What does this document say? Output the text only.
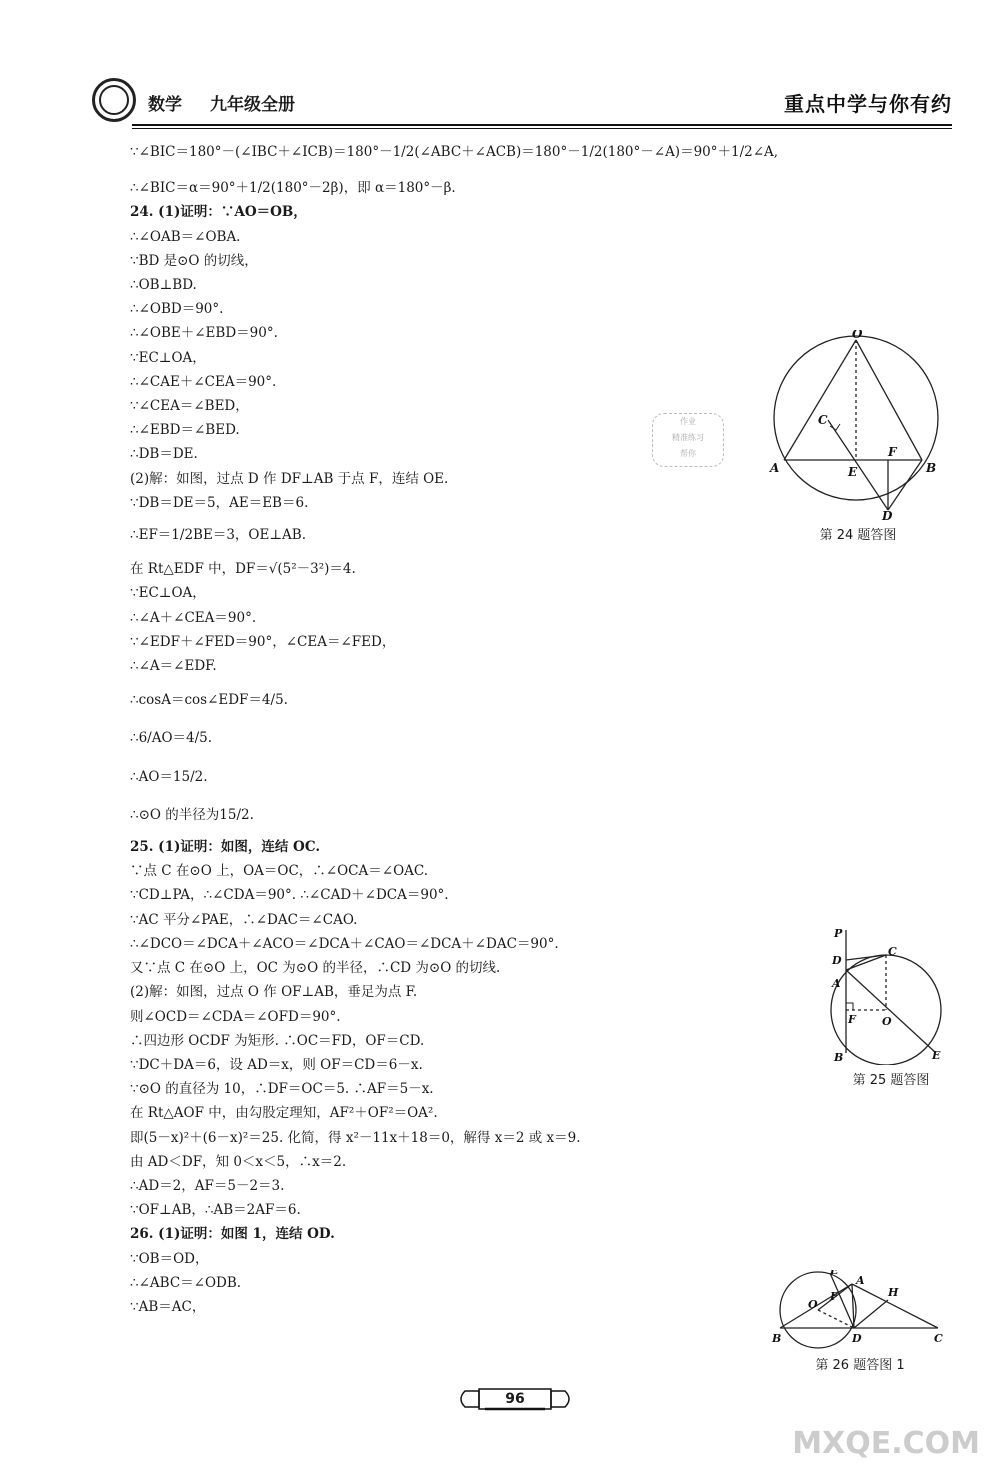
数学 九年级全册	重点中学与你有约
∵∠BIC＝180°－(∠IBC＋∠ICB)＝180°－1/2(∠ABC＋∠ACB)＝180°－1/2(180°－∠A)＝90°＋1/2∠A,
∴∠BIC＝α＝90°＋1/2(180°－2β)，即 α＝180°－β.
24. (1)证明：∵AO＝OB，
∴∠OAB＝∠OBA.
∵BD 是⊙O 的切线，
∴OB⊥BD.
∴∠OBD＝90°.
∴∠OBE＋∠EBD＝90°.
∵EC⊥OA，
∴∠CAE＋∠CEA＝90°.
∵∠CEA＝∠BED，
∴∠EBD＝∠BED.
∴DB＝DE.
(2)解：如图，过点 D 作 DF⊥AB 于点 F，连结 OE.
∵DB＝DE＝5，AE＝EB＝6.
∴EF＝1/2BE＝3，OE⊥AB.
在 Rt△EDF 中，DF＝√(5²－3²)＝4.
∵EC⊥OA，
∴∠A＋∠CEA＝90°.
∵∠EDF＋∠FED＝90°，∠CEA＝∠FED，
∴∠A＝∠EDF.
∴cosA＝cos∠EDF＝4/5.
∴6/AO＝4/5.
∴AO＝15/2.
∴⊙O 的半径为15/2.
25. (1)证明：如图，连结 OC.
∵点 C 在⊙O 上，OA＝OC，∴∠OCA＝∠OAC.
∵CD⊥PA，∴∠CDA＝90°. ∴∠CAD＋∠DCA＝90°.
∵AC 平分∠PAE，∴∠DAC＝∠CAO.
∴∠DCO＝∠DCA＋∠ACO＝∠DCA＋∠CAO＝∠DCA＋∠DAC＝90°.
又∵点 C 在⊙O 上，OC 为⊙O 的半径，∴CD 为⊙O 的切线.
(2)解：如图，过点 O 作 OF⊥AB，垂足为点 F.
则∠OCD＝∠CDA＝∠OFD＝90°.
∴四边形 OCDF 为矩形. ∴OC＝FD，OF＝CD.
∵DC＋DA＝6，设 AD＝x，则 OF＝CD＝6－x.
∵⊙O 的直径为 10，∴DF＝OC＝5. ∴AF＝5－x.
在 Rt△AOF 中，由勾股定理知，AF²＋OF²＝OA².
即(5－x)²＋(6－x)²＝25. 化简，得 x²－11x＋18＝0，解得 x＝2 或 x＝9.
由 AD＜DF，知 0＜x＜5，∴x＝2.
∴AD＝2，AF＝5－2＝3.
∵OF⊥AB，∴AB＝2AF＝6.
26. (1)证明：如图 1，连结 OD.
∵OB＝OD，
∴∠ABC＝∠ODB.
∵AB＝AC，
作业
精准练习
帮你
O
C
A	E
F
B
D
第 24 题答图
P
C
D
A
F O
B	E
第 25 题答图
E
A
H
F
O
B	D	C
第 26 题答图 1
96
MXQE.COM
